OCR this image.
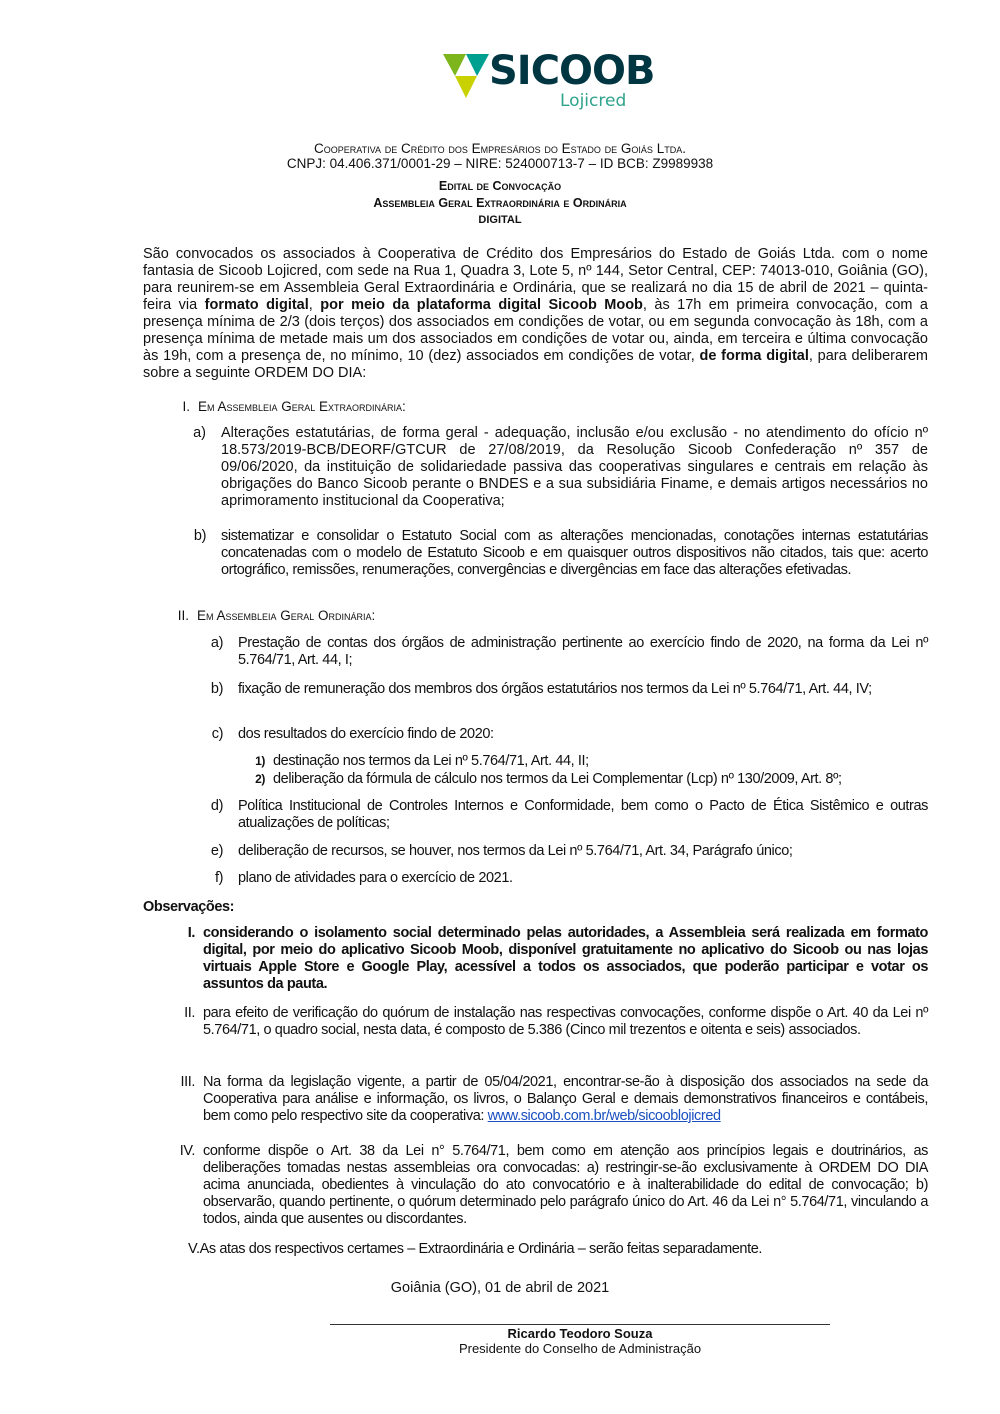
SICOOB
Lojicred
Cooperativa de Crédito dos Empresários do Estado de Goiás Ltda.
CNPJ: 04.406.371/0001-29 – NIRE: 524000713-7 – ID BCB: Z9989938
Edital de Convocação
Assembleia Geral Extraordinária e Ordinária
DIGITAL
São convocados os associados à Cooperativa de Crédito dos Empresários do Estado de Goiás Ltda. com o nome fantasia de Sicoob Lojicred, com sede na Rua 1, Quadra 3, Lote 5, nº 144, Setor Central, CEP: 74013-010, Goiânia (GO), para reunirem-se em Assembleia Geral Extraordinária e Ordinária, que se realizará no dia 15 de abril de 2021 – quinta-feira via formato digital, por meio da plataforma digital Sicoob Moob, às 17h em primeira convocação, com a presença mínima de 2/3 (dois terços) dos associados em condições de votar, ou em segunda convocação às 18h, com a presença mínima de metade mais um dos associados em condições de votar ou, ainda, em terceira e última convocação às 19h, com a presença de, no mínimo, 10 (dez) associados em condições de votar, de forma digital, para deliberarem sobre a seguinte ORDEM DO DIA:
I. Em Assembleia Geral Extraordinária:
a) Alterações estatutárias, de forma geral - adequação, inclusão e/ou exclusão - no atendimento do ofício nº 18.573/2019-BCB/DEORF/GTCUR de 27/08/2019, da Resolução Sicoob Confederação nº 357 de 09/06/2020, da instituição de solidariedade passiva das cooperativas singulares e centrais em relação às obrigações do Banco Sicoob perante o BNDES e a sua subsidiária Finame, e demais artigos necessários no aprimoramento institucional da Cooperativa;
b) sistematizar e consolidar o Estatuto Social com as alterações mencionadas, conotações internas estatutárias concatenadas com o modelo de Estatuto Sicoob e em quaisquer outros dispositivos não citados, tais que: acerto ortográfico, remissões, renumerações, convergências e divergências em face das alterações efetivadas.
II. Em Assembleia Geral Ordinária:
a) Prestação de contas dos órgãos de administração pertinente ao exercício findo de 2020, na forma da Lei nº 5.764/71, Art. 44, I;
b) fixação de remuneração dos membros dos órgãos estatutários nos termos da Lei nº 5.764/71, Art. 44, IV;
c) dos resultados do exercício findo de 2020:
1) destinação nos termos da Lei nº 5.764/71, Art. 44, II;
2) deliberação da fórmula de cálculo nos termos da Lei Complementar (Lcp) nº 130/2009, Art. 8º;
d) Política Institucional de Controles Internos e Conformidade, bem como o Pacto de Ética Sistêmico e outras atualizações de políticas;
e) deliberação de recursos, se houver, nos termos da Lei nº 5.764/71, Art. 34, Parágrafo único;
f) plano de atividades para o exercício de 2021.
Observações:
I. considerando o isolamento social determinado pelas autoridades, a Assembleia será realizada em formato digital, por meio do aplicativo Sicoob Moob, disponível gratuitamente no aplicativo do Sicoob ou nas lojas virtuais Apple Store e Google Play, acessível a todos os associados, que poderão participar e votar os assuntos da pauta.
II. para efeito de verificação do quórum de instalação nas respectivas convocações, conforme dispõe o Art. 40 da Lei nº 5.764/71, o quadro social, nesta data, é composto de 5.386 (Cinco mil trezentos e oitenta e seis) associados.
III. Na forma da legislação vigente, a partir de 05/04/2021, encontrar-se-ão à disposição dos associados na sede da Cooperativa para análise e informação, os livros, o Balanço Geral e demais demonstrativos financeiros e contábeis, bem como pelo respectivo site da cooperativa: www.sicoob.com.br/web/sicooblojicred
IV. conforme dispõe o Art. 38 da Lei n° 5.764/71, bem como em atenção aos princípios legais e doutrinários, as deliberações tomadas nestas assembleias ora convocadas: a) restringir-se-ão exclusivamente à ORDEM DO DIA acima anunciada, obedientes à vinculação do ato convocatório e à inalterabilidade do edital de convocação; b) observarão, quando pertinente, o quórum determinado pelo parágrafo único do Art. 46 da Lei n° 5.764/71, vinculando a todos, ainda que ausentes ou discordantes.
V.As atas dos respectivos certames – Extraordinária e Ordinária – serão feitas separadamente.
Goiânia (GO), 01 de abril de 2021
Ricardo Teodoro Souza
Presidente do Conselho de Administração
